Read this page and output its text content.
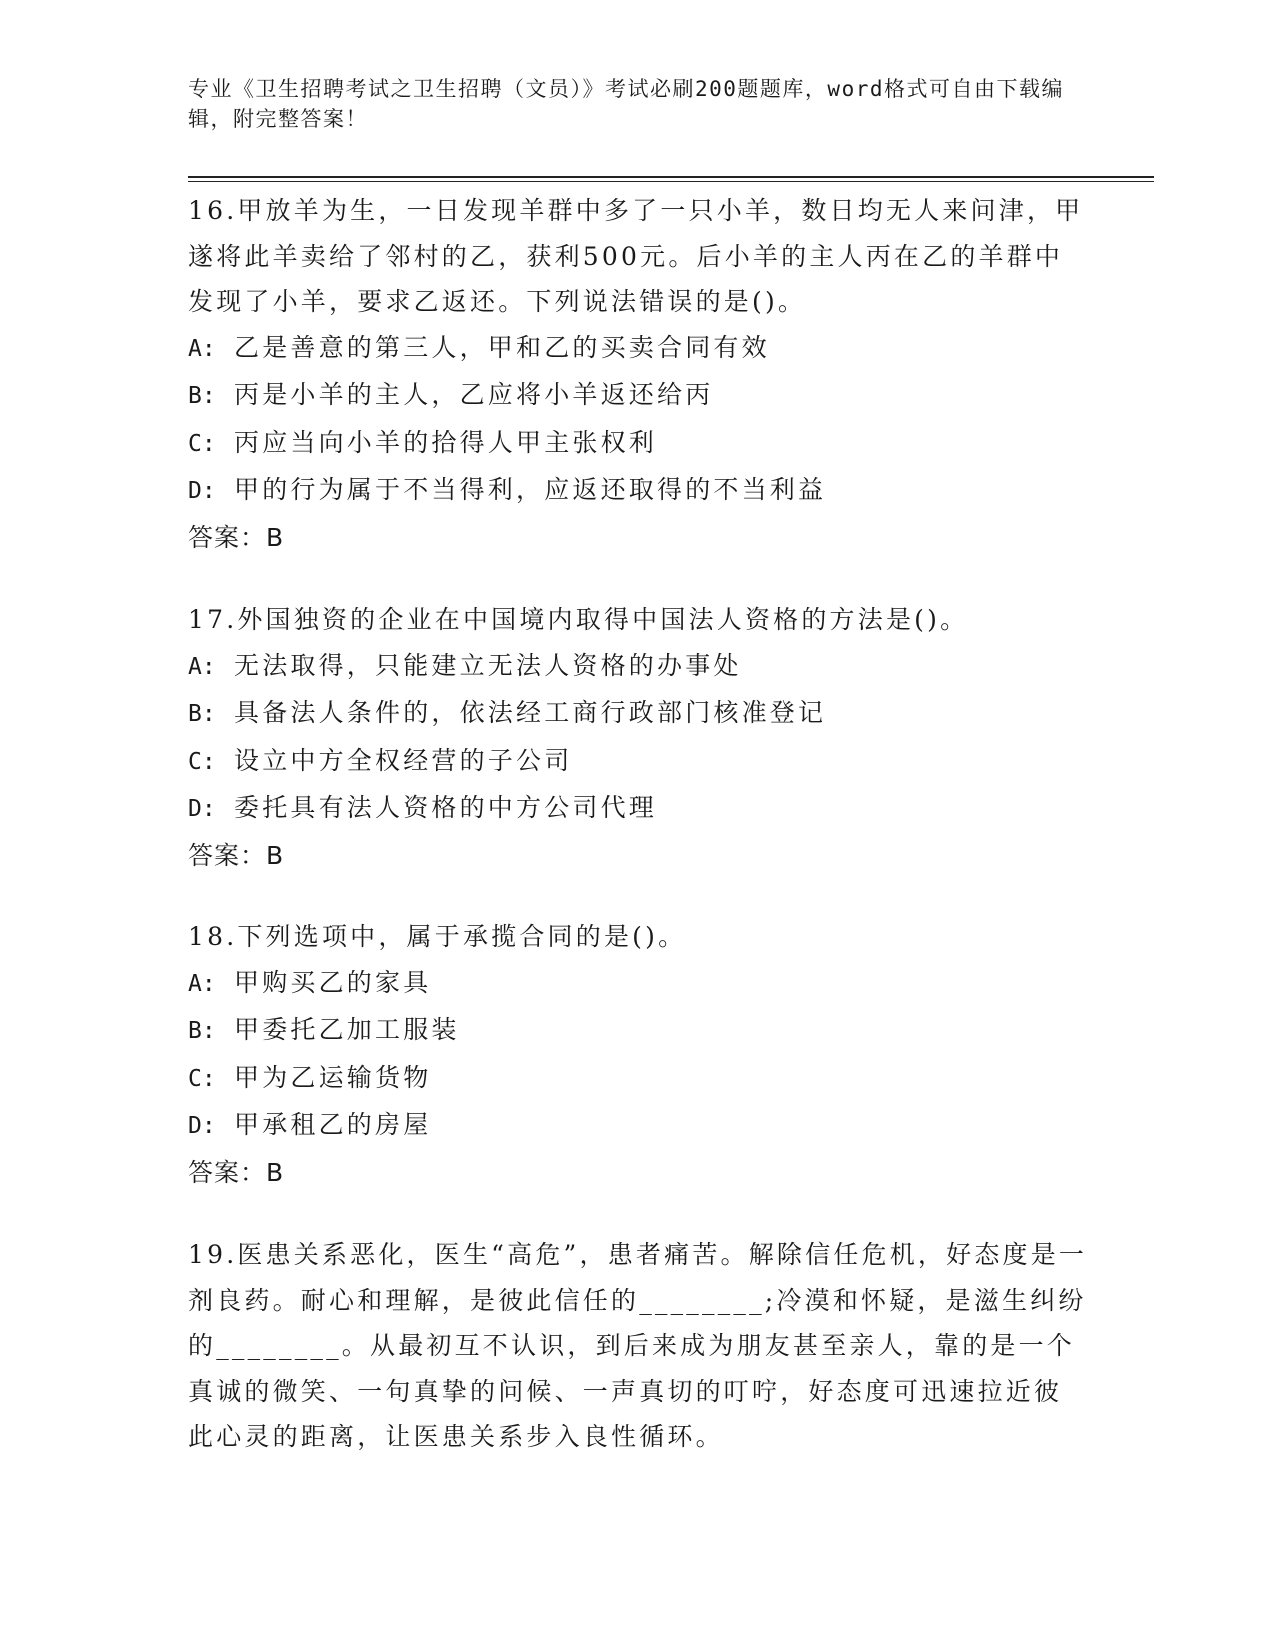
专业《卫生招聘考试之卫生招聘（文员）》考试必刷200题题库，word格式可自由下载编辑，附完整答案！

16.甲放羊为生，一日发现羊群中多了一只小羊，数日均无人来问津，甲遂将此羊卖给了邻村的乙，获利500元。后小羊的主人丙在乙的羊群中发现了小羊，要求乙返还。下列说法错误的是()。

A: 乙是善意的第三人，甲和乙的买卖合同有效

B: 丙是小羊的主人，乙应将小羊返还给丙

C: 丙应当向小羊的拾得人甲主张权利

D: 甲的行为属于不当得利，应返还取得的不当利益

答案：B

17.外国独资的企业在中国境内取得中国法人资格的方法是()。

A: 无法取得，只能建立无法人资格的办事处

B: 具备法人条件的，依法经工商行政部门核准登记

C: 设立中方全权经营的子公司

D: 委托具有法人资格的中方公司代理

答案：B

18.下列选项中，属于承揽合同的是()。

A: 甲购买乙的家具

B: 甲委托乙加工服装

C: 甲为乙运输货物

D: 甲承租乙的房屋

答案：B

19.医患关系恶化，医生“高危”，患者痛苦。解除信任危机，好态度是一剂良药。耐心和理解，是彼此信任的________;冷漠和怀疑，是滋生纠纷的________。从最初互不认识，到后来成为朋友甚至亲人，靠的是一个真诚的微笑、一句真挚的问候、一声真切的叮咛，好态度可迅速拉近彼此心灵的距离，让医患关系步入良性循环。
